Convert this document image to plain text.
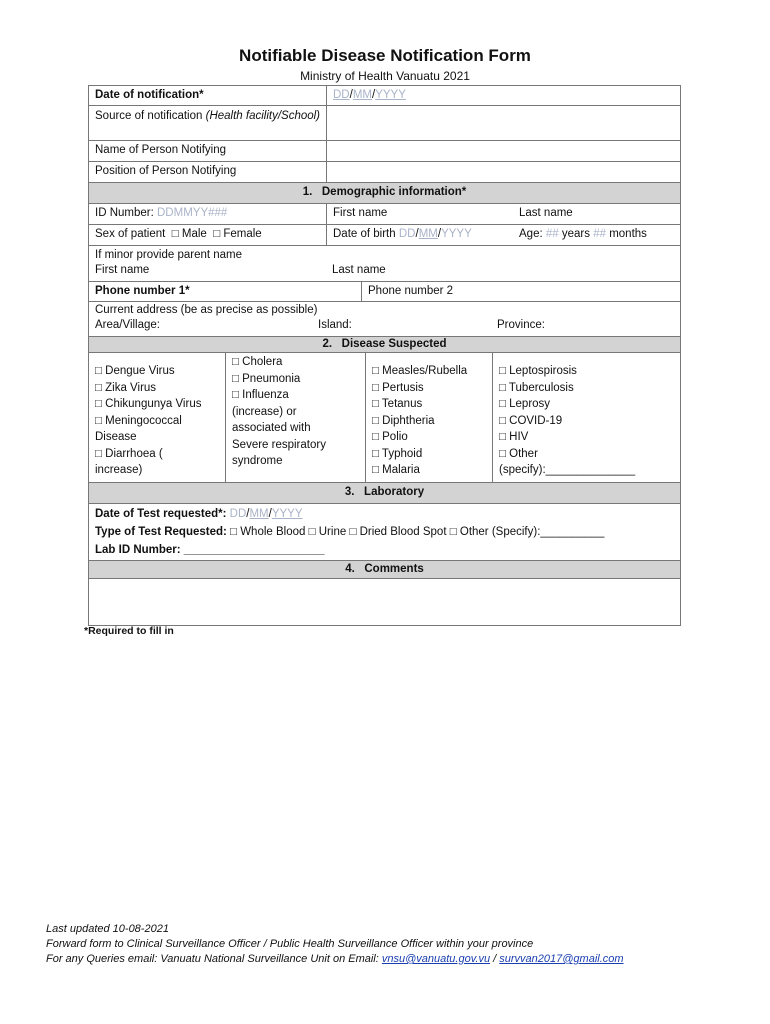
Notifiable Disease Notification Form
Ministry of Health Vanuatu 2021
Date of notification*	DD/MM/YYYY
Source of notification (Health facility/School)
Name of Person Notifying
Position of Person Notifying
1.   Demographic information*
ID Number: DDMMYY###	First name	Last name
Sex of patient □ Male □ Female	Date of birth DD/MM/YYYY	Age: ## years ## months
If minor provide parent name
First name	Last name
Phone number 1*	Phone number 2
Current address (be as precise as possible)
Area/Village:	Island:	Province:
2.   Disease Suspected
□ Dengue Virus
□ Zika Virus
□ Chikungunya Virus
□ Meningococcal
Disease
□ Diarrhoea (
increase)
□ Cholera
□ Pneumonia
□ Influenza
(increase) or
associated with
Severe respiratory
syndrome
□ Measles/Rubella
□ Pertusis
□ Tetanus
□ Diphtheria
□ Polio
□ Typhoid
□ Malaria
□ Leptospirosis
□ Tuberculosis
□ Leprosy
□ COVID-19
□ HIV
□ Other
(specify):______________
3.   Laboratory
Date of Test requested*: DD/MM/YYYY
Type of Test Requested: □ Whole Blood □ Urine □ Dried Blood Spot □ Other (Specify):__________
Lab ID Number: ______________________
4.   Comments
*Required to fill in
Last updated 10-08-2021
Forward form to Clinical Surveillance Officer / Public Health Surveillance Officer within your province
For any Queries email: Vanuatu National Surveillance Unit on Email: vnsu@vanuatu.gov.vu / survvan2017@gmail.com
